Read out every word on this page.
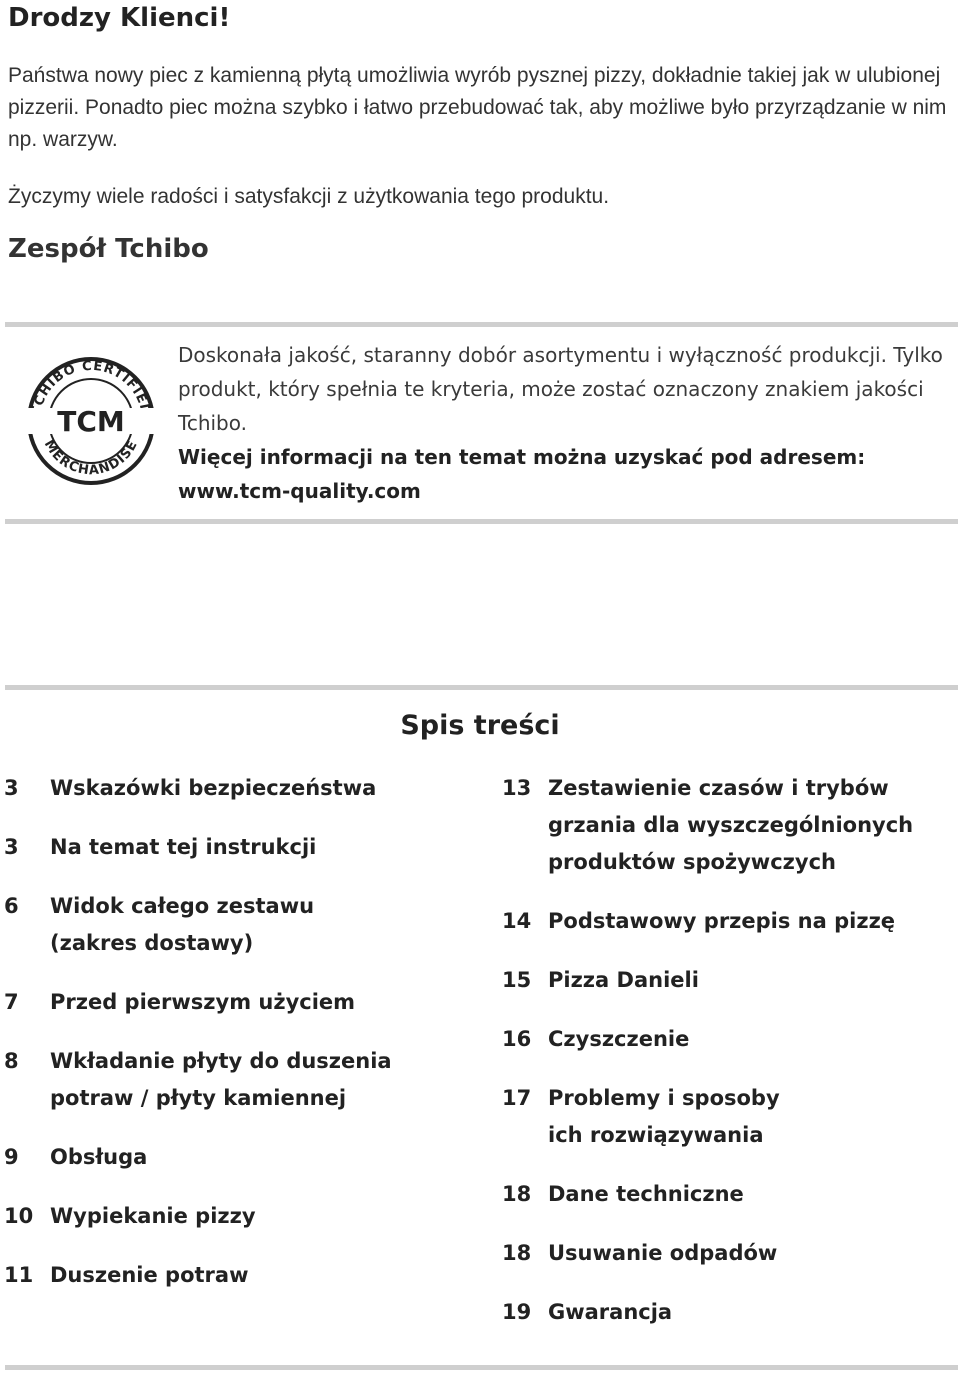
Drodzy Klienci!

Państwa nowy piec z kamienną płytą umożliwia wyrób pysznej pizzy, dokładnie takiej jak w ulubionej pizzerii. Ponadto piec można szybko i łatwo przebudować tak, aby możliwe było przyrządzanie w nim np. warzyw.

Życzymy wiele radości i satysfakcji z użytkowania tego produktu.

Zespół Tchibo
CHIBO CERTIFIE
MERCHANDISE
TCM

Doskonała jakość, staranny dobór asortymentu i wyłączność produkcji. Tylko produkt, który spełnia te kryteria, może zostać oznaczony znakiem jakości Tchibo.

Więcej informacji na ten temat można uzyskać pod adresem: www.tcm-quality.com

Spis treści
3	Wskazówki bezpieczeństwa
3	Na temat tej instrukcji
6	Widok całego zestawu
(zakres dostawy)
7	Przed pierwszym użyciem
8	Wkładanie płyty do duszenia
potraw / płyty kamiennej
9	Obsługa
10 Wypiekanie pizzy
11 Duszenie potraw
13 Zestawienie czasów i trybów
grzania dla wyszczególnionych
produktów spożywczych
14 Podstawowy przepis na pizzę
15 Pizza Danieli
16 Czyszczenie
17 Problemy i sposoby
ich rozwiązywania
18 Dane techniczne
18 Usuwanie odpadów
19 Gwarancja
